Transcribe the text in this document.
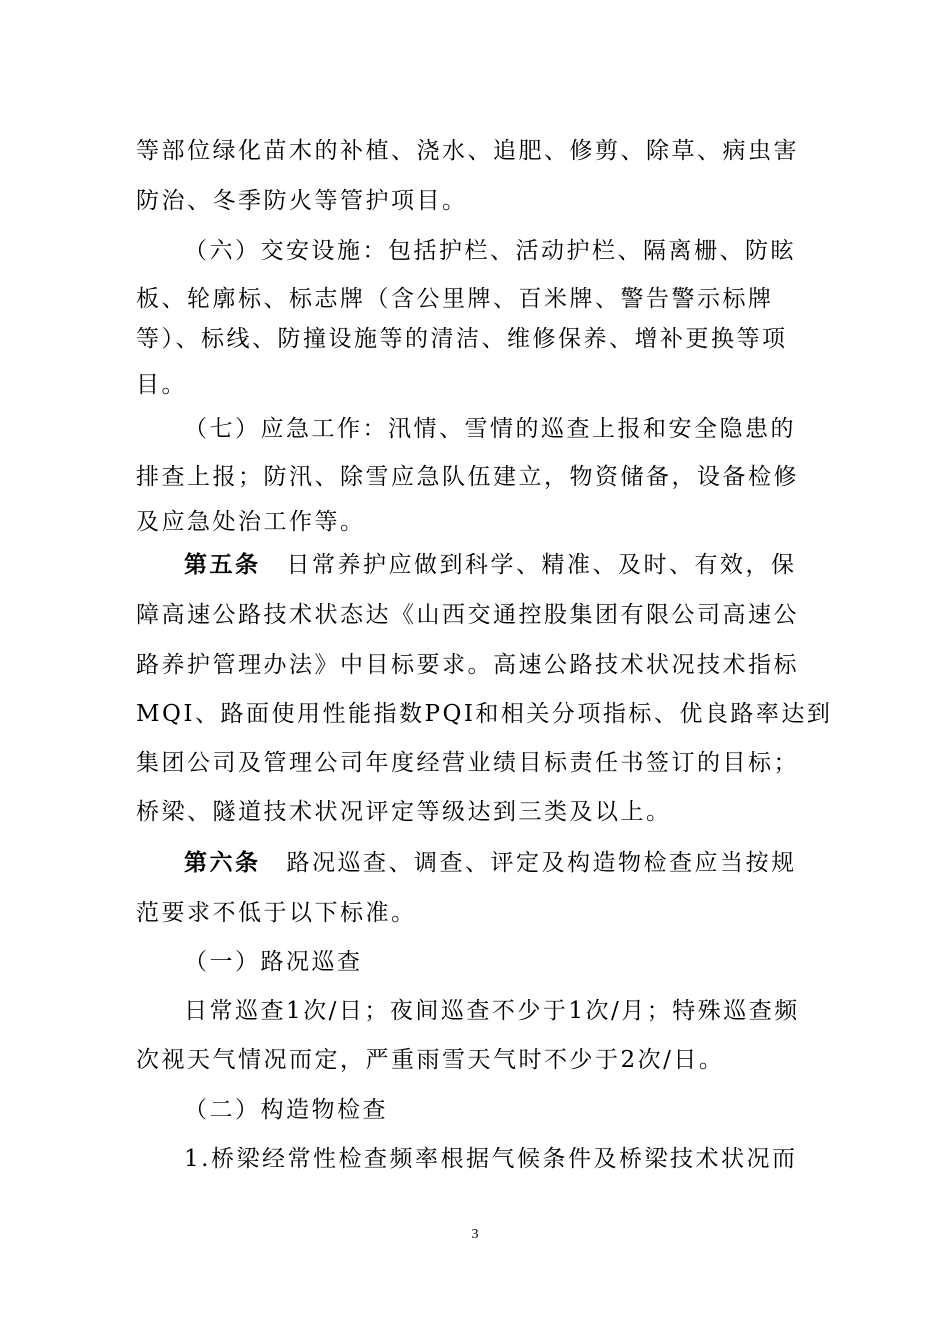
等部位绿化苗木的补植、浇水、追肥、修剪、除草、病虫害
防治、冬季防火等管护项目。
（六）交安设施：包括护栏、活动护栏、隔离栅、防眩
板、轮廓标、标志牌（含公里牌、百米牌、警告警示标牌
等）、标线、防撞设施等的清洁、维修保养、增补更换等项
目。
（七）应急工作：汛情、雪情的巡查上报和安全隐患的
排查上报；防汛、除雪应急队伍建立，物资储备，设备检修
及应急处治工作等。
第五条 日常养护应做到科学、精准、及时、有效，保
障高速公路技术状态达《山西交通控股集团有限公司高速公
路养护管理办法》中目标要求。高速公路技术状况技术指标
MQI、路面使用性能指数PQI和相关分项指标、优良路率达到
集团公司及管理公司年度经营业绩目标责任书签订的目标；
桥梁、隧道技术状况评定等级达到三类及以上。
第六条 路况巡查、调查、评定及构造物检查应当按规
范要求不低于以下标准。
（一）路况巡查
日常巡查1次/日；夜间巡查不少于1次/月；特殊巡查频
次视天气情况而定，严重雨雪天气时不少于2次/日。
（二）构造物检查
1.桥梁经常性检查频率根据气候条件及桥梁技术状况而
3
